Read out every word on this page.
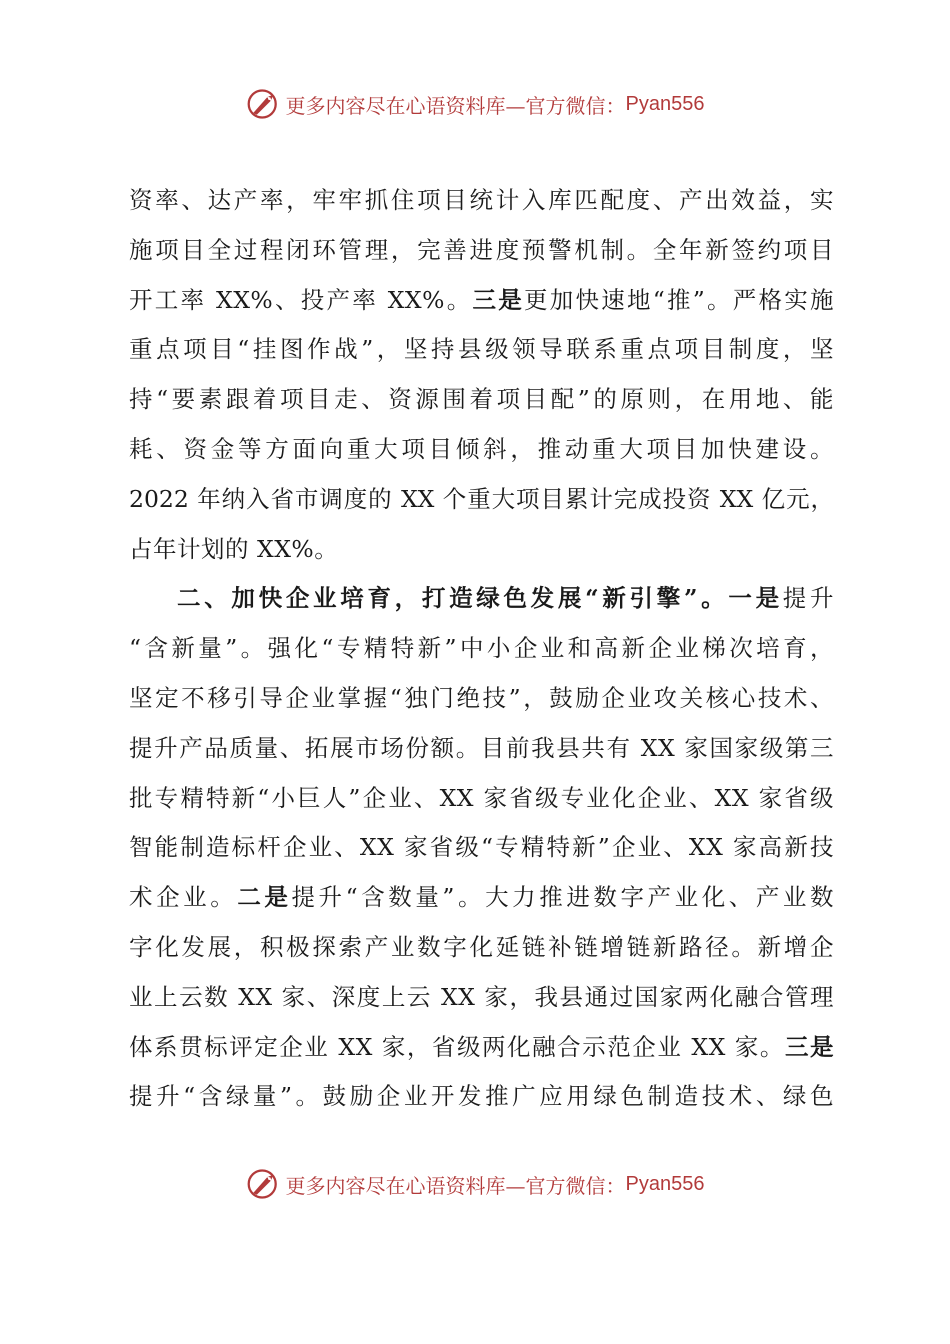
更多内容尽在心语资料库—官方微信： Pyan556
资率、达产率，牢牢抓住项目统计入库匹配度、产出效益，实
施项目全过程闭环管理，完善进度预警机制。全年新签约项目
开工率 XX%、投产率 XX%。三是更加快速地“推”。严格实施
重点项目“挂图作战”，坚持县级领导联系重点项目制度，坚
持“要素跟着项目走、资源围着项目配”的原则，在用地、能
耗、资金等方面向重大项目倾斜，推动重大项目加快建设。
2022 年纳入省市调度的 XX 个重大项目累计完成投资 XX 亿元，
占年计划的 XX%。
二、加快企业培育，打造绿色发展“新引擎”。一是提升
“含新量”。强化“专精特新”中小企业和高新企业梯次培育，
坚定不移引导企业掌握“独门绝技”，鼓励企业攻关核心技术、
提升产品质量、拓展市场份额。目前我县共有 XX 家国家级第三
批专精特新“小巨人”企业、XX 家省级专业化企业、XX 家省级
智能制造标杆企业、XX 家省级“专精特新”企业、XX 家高新技
术企业。二是提升“含数量”。大力推进数字产业化、产业数
字化发展，积极探索产业数字化延链补链增链新路径。新增企
业上云数 XX 家、深度上云 XX 家，我县通过国家两化融合管理
体系贯标评定企业 XX 家，省级两化融合示范企业 XX 家。三是
提升“含绿量”。鼓励企业开发推广应用绿色制造技术、绿色
更多内容尽在心语资料库—官方微信： Pyan556
